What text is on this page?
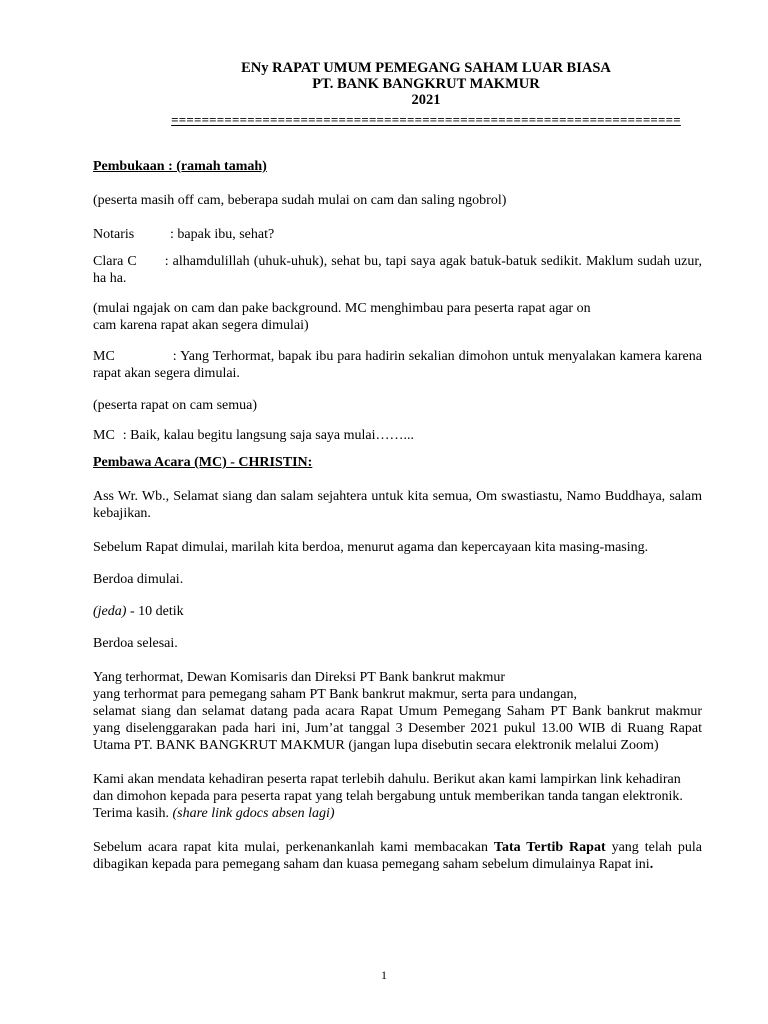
ENy RAPAT UMUM PEMEGANG SAHAM LUAR BIASA
PT. BANK BANGKRUT MAKMUR
2021
===================================================================

Pembukaan : (ramah tamah)

(peserta masih off cam, beberapa sudah mulai on cam dan saling ngobrol)

Notaris	: bapak ibu, sehat?

Clara C : alhamdulillah (uhuk-uhuk), sehat bu, tapi saya agak batuk-batuk sedikit. Maklum sudah uzur, ha ha.

(mulai ngajak on cam dan pake background. MC menghimbau para peserta rapat agar on
cam karena rapat akan segera dimulai)

MC	: Yang Terhormat, bapak ibu para hadirin sekalian dimohon untuk menyalakan kamera karena rapat akan segera dimulai.

(peserta rapat on cam semua)

MC : Baik, kalau begitu langsung saja saya mulai……...

Pembawa Acara (MC) - CHRISTIN:

Ass Wr. Wb., Selamat siang dan salam sejahtera untuk kita semua, Om swastiastu, Namo Buddhaya, salam kebajikan.

Sebelum Rapat dimulai, marilah kita berdoa, menurut agama dan kepercayaan kita masing-masing.

Berdoa dimulai.

(jeda) - 10 detik

Berdoa selesai.

Yang terhormat, Dewan Komisaris dan Direksi PT Bank bankrut makmur
yang terhormat para pemegang saham PT Bank bankrut makmur, serta para undangan,
selamat siang dan selamat datang pada acara Rapat Umum Pemegang Saham PT Bank bankrut makmur yang diselenggarakan pada hari ini, Jum’at tanggal 3 Desember 2021 pukul 13.00 WIB di Ruang Rapat Utama PT. BANK BANGKRUT MAKMUR (jangan lupa disebutin secara elektronik melalui Zoom)

Kami akan mendata kehadiran peserta rapat terlebih dahulu. Berikut akan kami lampirkan link kehadiran dan dimohon kepada para peserta rapat yang telah bergabung untuk memberikan tanda tangan elektronik. Terima kasih. (share link gdocs absen lagi)

Sebelum acara rapat kita mulai, perkenankanlah kami membacakan Tata Tertib Rapat yang telah pula dibagikan kepada para pemegang saham dan kuasa pemegang saham sebelum dimulainya Rapat ini.

1
